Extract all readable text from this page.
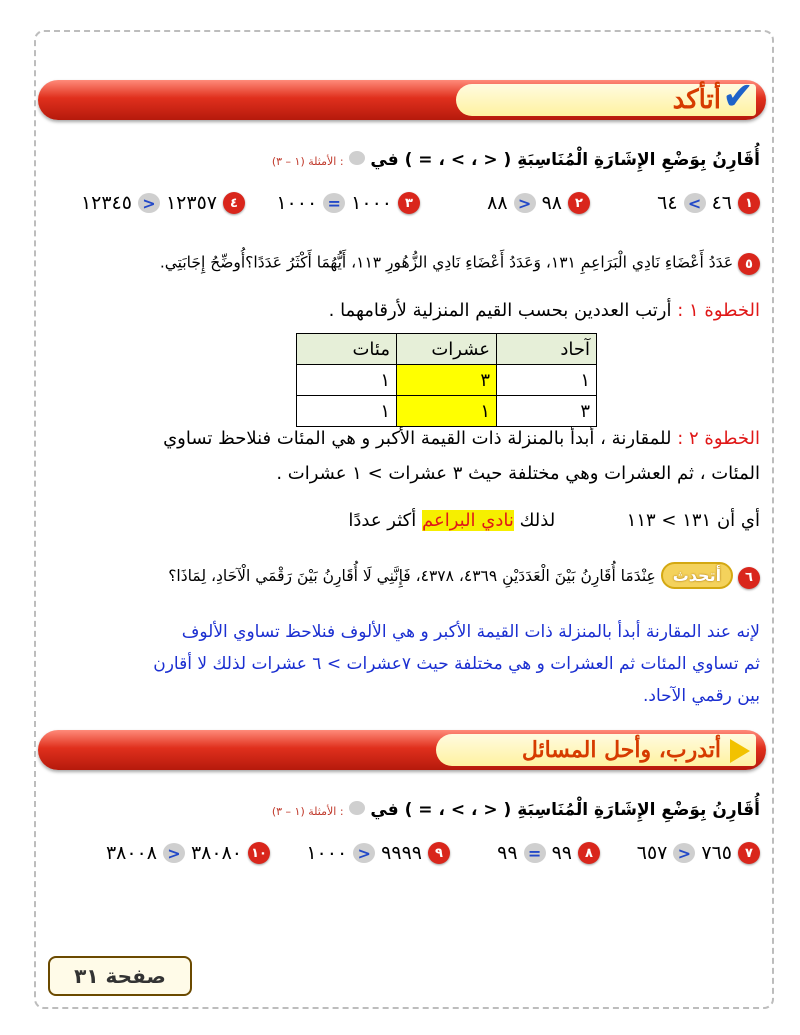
✔
أتأكد
أُقَارِنُ بِوَضْعِ الإِشَارَةِ الْمُنَاسِبَةِ ( < ، > ، = ) في  : الأمثلة (١ – ٣)
١
٤٦
>
٦٤
٢
٩٨
<
٨٨
٣
١٠٠٠
=
١٠٠٠
٤
١٢٣٥٧
<
١٢٣٤٥
٥ عَدَدُ أَعْضَاءِ نَادِي الْبَرَاعِمِ ١٣١، وَعَدَدُ أَعْضَاءِ نَادِي الزُّهُورِ ١١٣، أَيُّهُمَا أَكْثَرُ عَدَدًا؟أُوضِّحُ إِجَابَتِي.
الخطوة ١ : أرتب العددين بحسب القيم المنزلية لأرقامهما .
آحاد	عشرات	مئات
١	٣	١
٣	١	١
الخطوة ٢ : للمقارنة ، أبدأ بالمنزلة ذات القيمة الأكبر و هي المئات فنلاحظ تساوي
المئات ، ثم العشرات وهي مختلفة حيث ٣ عشرات > ١ عشرات .
أي أن ١٣١ > ١١٣  لذلك نادي البراعم أكثر عددًا
٦ أتحدث عِنْدَمَا أُقَارِنُ بَيْنَ الْعَدَدَيْنِ ٤٣٦٩، ٤٣٧٨، فَإِنَّنِي لَا أُقَارِنُ بَيْنَ رَقْمَي الْآحَادِ، لِمَاذَا؟
لإنه عند المقارنة أبدأ بالمنزلة ذات القيمة الأكبر و هي الألوف فنلاحظ تساوي الألوف
ثم تساوي المئات ثم العشرات و هي مختلفة حيث ٧عشرات > ٦ عشرات لذلك لا أقارن
بين رقمي الآحاد.
أتدرب، وأحل المسائل
أُقَارِنُ بِوَضْعِ الإِشَارَةِ الْمُنَاسِبَةِ ( < ، > ، = ) في  : الأمثلة (١ – ٣)
٧
٧٦٥
<
٦٥٧
٨
٩٩
=
٩٩
٩
٩٩٩٩
<
١٠٠٠
١٠
٣٨٠٨٠
<
٣٨٠٠٨
صفحة ٣١
